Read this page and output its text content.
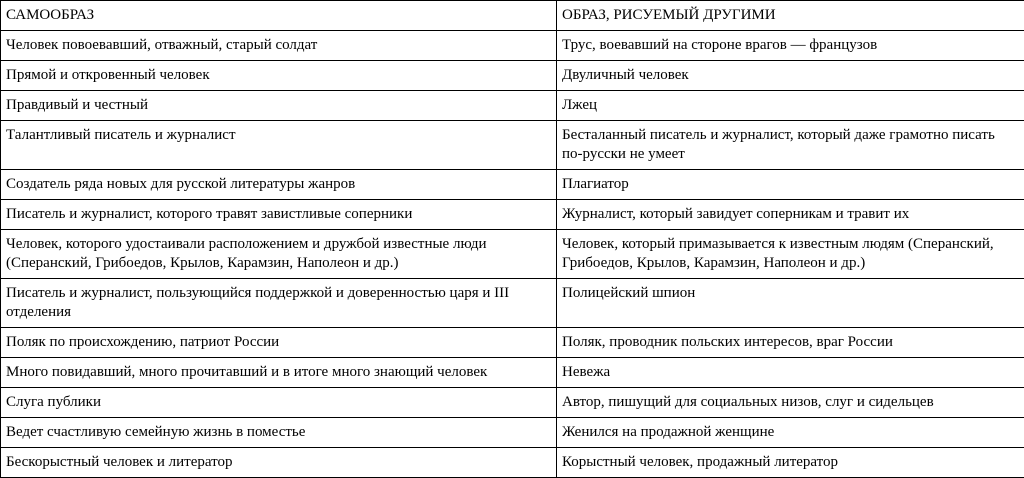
САМООБРАЗ	ОБРАЗ, РИСУЕМЫЙ ДРУГИМИ
Человек повоевавший, отважный, старый солдат	Трус, воевавший на стороне врагов — французов
Прямой и откровенный человек	Двуличный человек
Правдивый и честный	Лжец
Талантливый писатель и журналист	Бесталанный писатель и журналист, который даже грамотно писать по-русски не умеет
Создатель ряда новых для русской литературы жанров	Плагиатор
Писатель и журналист, которого травят завистливые соперники	Журналист, который завидует соперникам и травит их
Человек, которого удостаивали расположением и дружбой известные люди (Сперанский, Грибоедов, Крылов, Карамзин, Наполеон и др.)	Человек, который примазывается к известным людям (Сперанский, Грибоедов, Крылов, Карамзин, Наполеон и др.)
Писатель и журналист, пользующийся поддержкой и доверенностью царя и III отделения	Полицейский шпион
Поляк по происхождению, патриот России	Поляк, проводник польских интересов, враг России
Много повидавший, много прочитавший и в итоге много знающий человек	Невежа
Слуга публики	Автор, пишущий для социальных низов, слуг и сидельцев
Ведет счастливую семейную жизнь в поместье	Женился на продажной женщине
Бескорыстный человек и литератор	Корыстный человек, продажный литератор
